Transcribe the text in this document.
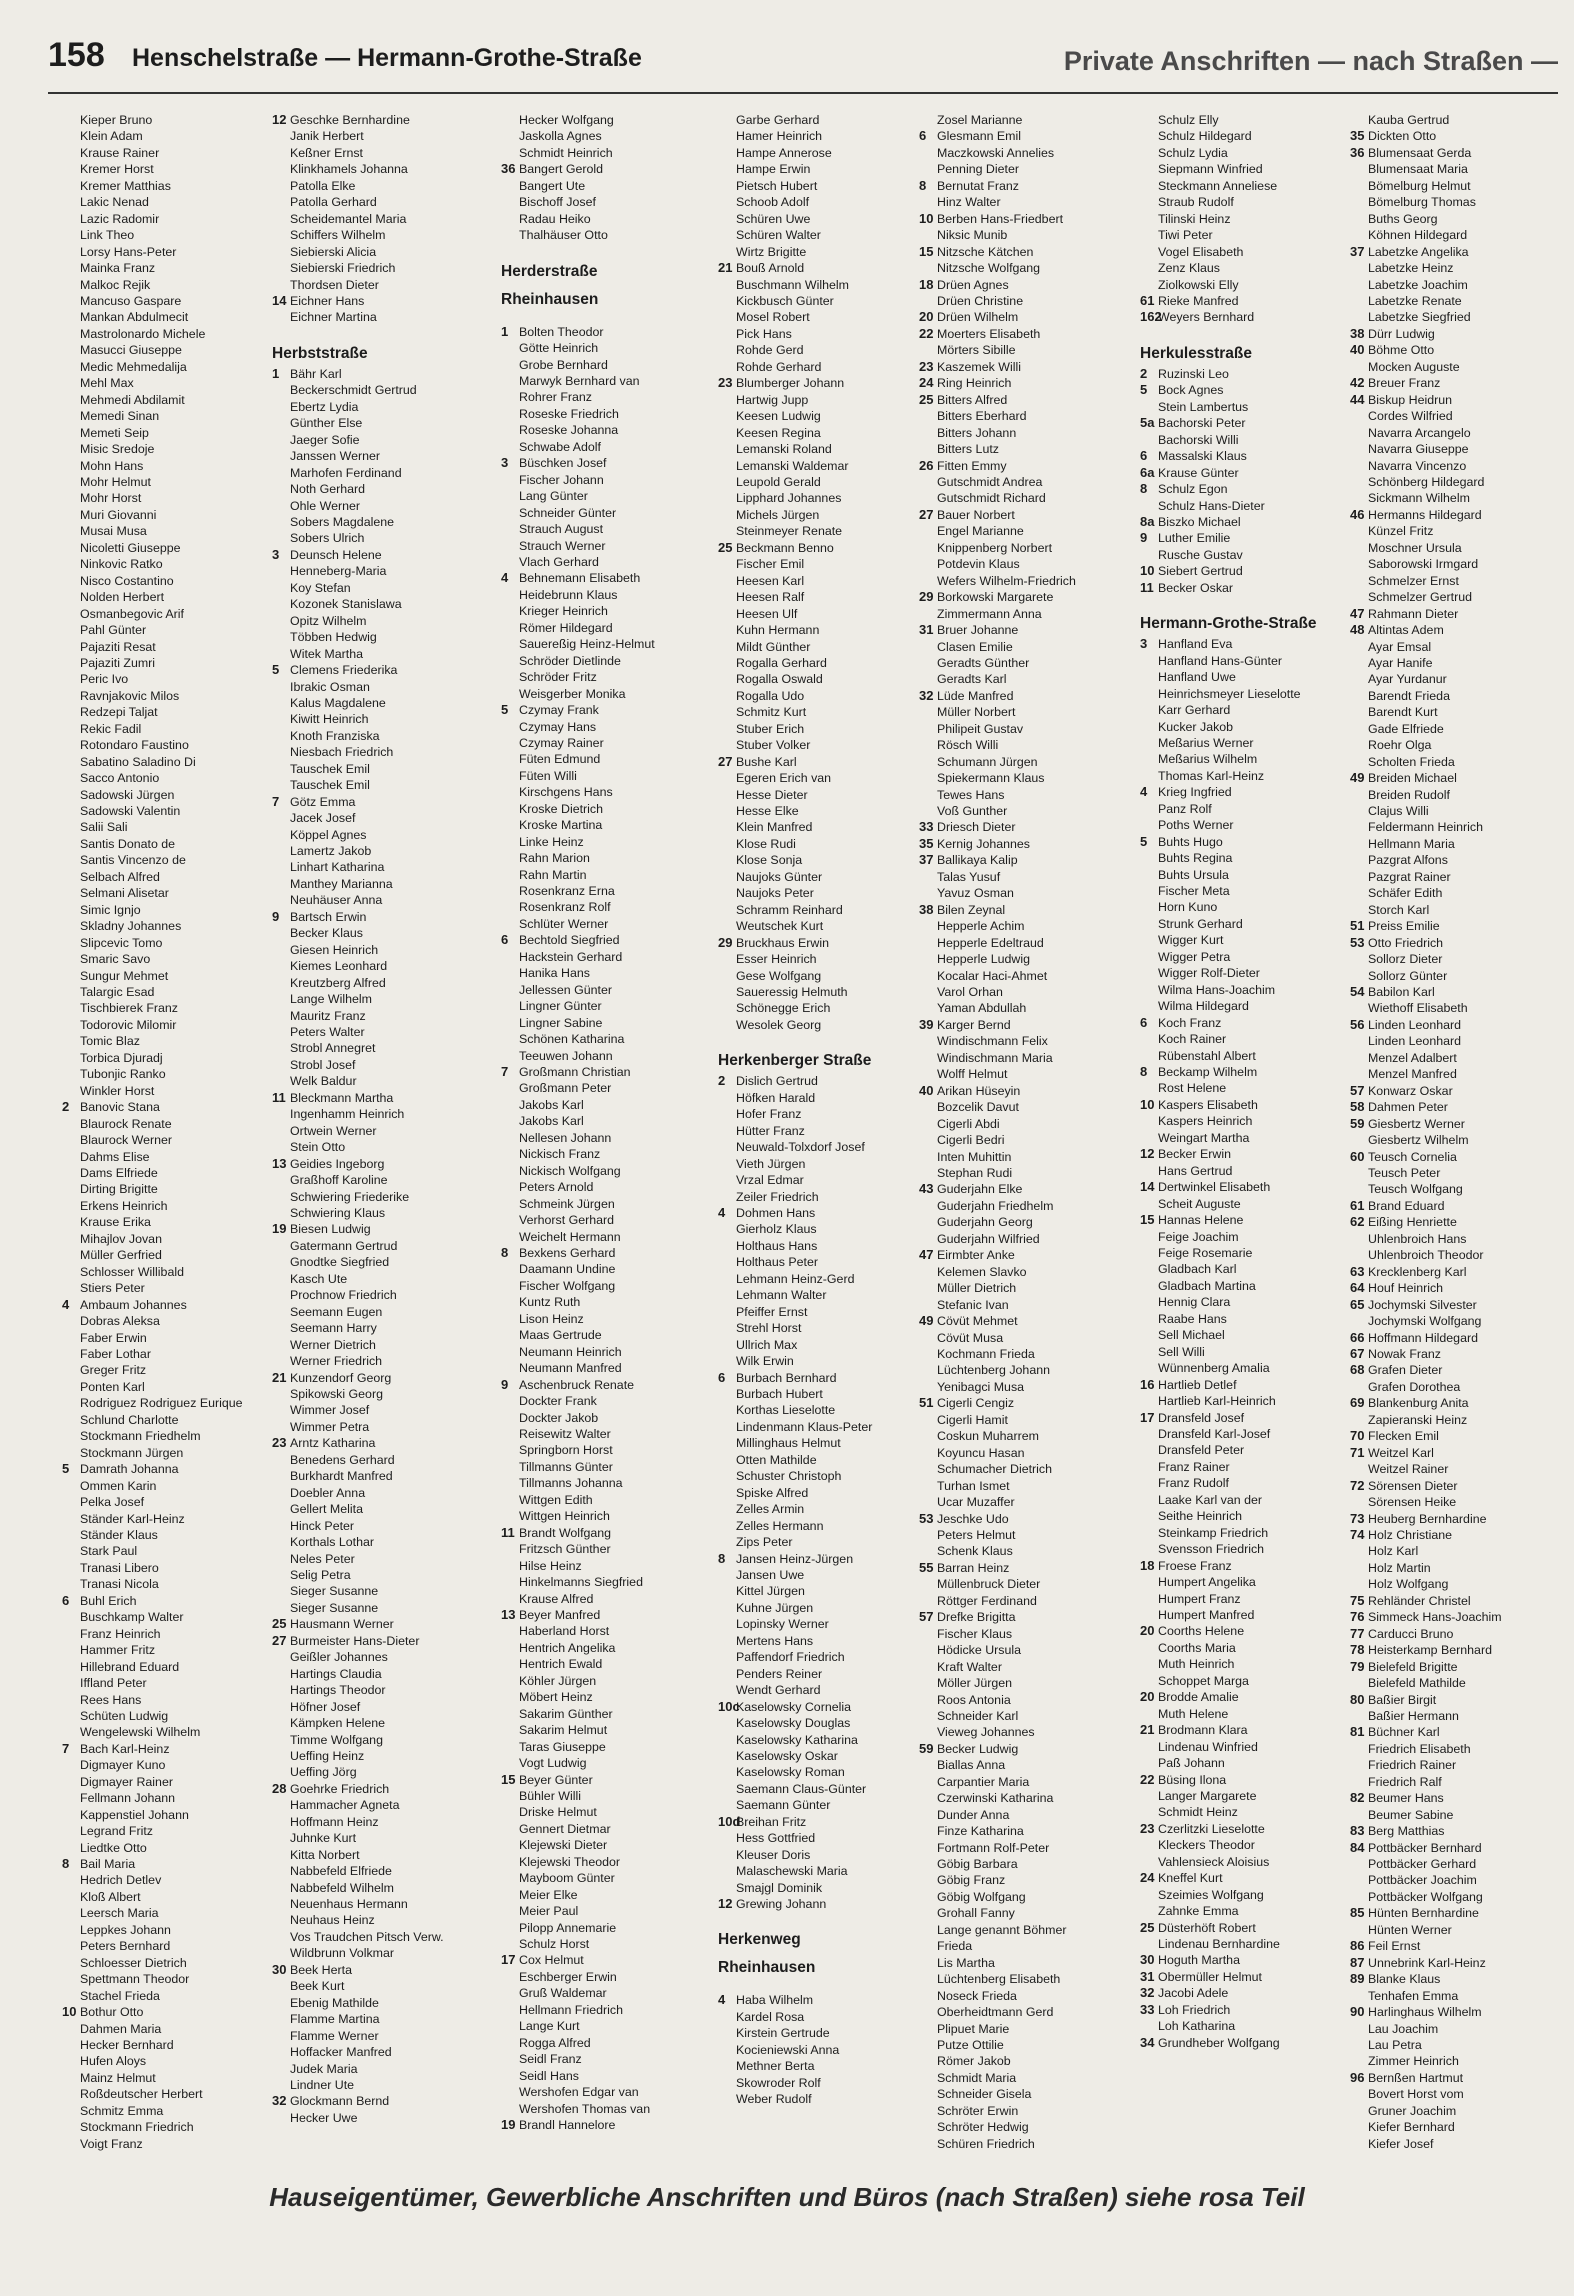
158 Henschelstraße — Hermann-Grothe-Straße	Private Anschriften — nach Straßen —
Kieper Bruno
Klein Adam
Krause Rainer
Kremer Horst
Kremer Matthias
Lakic Nenad
Lazic Radomir
Link Theo
Lorsy Hans-Peter
Mainka Franz
Malkoc Rejik
Mancuso Gaspare
Mankan Abdulmecit
Mastrolonardo Michele
Masucci Giuseppe
Medic Mehmedalija
Mehl Max
Mehmedi Abdilamit
Memedi Sinan
Memeti Seip
Misic Sredoje
Mohn Hans
Mohr Helmut
Mohr Horst
Muri Giovanni
Musai Musa
Nicoletti Giuseppe
Ninkovic Ratko
Nisco Costantino
Nolden Herbert
Osmanbegovic Arif
Pahl Günter
Pajaziti Resat
Pajaziti Zumri
Peric Ivo
Ravnjakovic Milos
Redzepi Taljat
Rekic Fadil
Rotondaro Faustino
Sabatino Saladino Di
Sacco Antonio
Sadowski Jürgen
Sadowski Valentin
Salii Sali
Santis Donato de
Santis Vincenzo de
Selbach Alfred
Selmani Alisetar
Simic Ignjo
Skladny Johannes
Slipcevic Tomo
Smaric Savo
Sungur Mehmet
Talargic Esad
Tischbierek Franz
Todorovic Milomir
Tomic Blaz
Torbica Djuradj
Tubonjic Ranko
Winkler Horst
2 Banovic Stana
Blaurock Renate
Blaurock Werner
Dahms Elise
Dams Elfriede
Dirting Brigitte
Erkens Heinrich
Krause Erika
Mihajlov Jovan
Müller Gerfried
Schlosser Willibald
Stiers Peter
4 Ambaum Johannes
Dobras Aleksa
Faber Erwin
Faber Lothar
Greger Fritz
Ponten Karl
Rodriguez Rodriguez Eurique
Schlund Charlotte
Stockmann Friedhelm
Stockmann Jürgen
5 Damrath Johanna
Ommen Karin
Pelka Josef
Ständer Karl-Heinz
Ständer Klaus
Stark Paul
Tranasi Libero
Tranasi Nicola
6 Buhl Erich
Buschkamp Walter
Franz Heinrich
Hammer Fritz
Hillebrand Eduard
Iffland Peter
Rees Hans
Schüten Ludwig
Wengelewski Wilhelm
7 Bach Karl-Heinz
Digmayer Kuno
Digmayer Rainer
Fellmann Johann
Kappenstiel Johann
Legrand Fritz
Liedtke Otto
8 Bail Maria
Hedrich Detlev
Kloß Albert
Leersch Maria
Leppkes Johann
Peters Bernhard
Schloesser Dietrich
Spettmann Theodor
Stachel Frieda
10 Bothur Otto
Dahmen Maria
Hecker Bernhard
Hufen Aloys
Mainz Helmut
Roßdeutscher Herbert
Schmitz Emma
Stockmann Friedrich
Voigt Franz
12 Geschke Bernhardine
Janik Herbert
Keßner Ernst
Klinkhamels Johanna
Patolla Elke
Patolla Gerhard
Scheidemantel Maria
Schiffers Wilhelm
Siebierski Alicia
Siebierski Friedrich
Thordsen Dieter
14 Eichner Hans
Eichner Martina
Herbststraße
1 Bähr Karl
Beckerschmidt Gertrud
Ebertz Lydia
Günther Else
Jaeger Sofie
Janssen Werner
Marhofen Ferdinand
Noth Gerhard
Ohle Werner
Sobers Magdalene
Sobers Ulrich
3 Deunsch Helene
Henneberg-Maria
Koy Stefan
Kozonek Stanislawa
Opitz Wilhelm
Többen Hedwig
Witek Martha
5 Clemens Friederika
Ibrakic Osman
Kalus Magdalene
Kiwitt Heinrich
Knoth Franziska
Niesbach Friedrich
Tauschek Emil
Tauschek Emil
7 Götz Emma
Jacek Josef
Köppel Agnes
Lamertz Jakob
Linhart Katharina
Manthey Marianna
Neuhäuser Anna
9 Bartsch Erwin
Becker Klaus
Giesen Heinrich
Kiemes Leonhard
Kreutzberg Alfred
Lange Wilhelm
Mauritz Franz
Peters Walter
Strobl Annegret
Strobl Josef
Welk Baldur
11 Bleckmann Martha
Ingenhamm Heinrich
Ortwein Werner
Stein Otto
13 Geidies Ingeborg
Graßhoff Karoline
Schwiering Friederike
Schwiering Klaus
19 Biesen Ludwig
Gatermann Gertrud
Gnodtke Siegfried
Kasch Ute
Prochnow Friedrich
Seemann Eugen
Seemann Harry
Werner Dietrich
Werner Friedrich
21 Kunzendorf Georg
Spikowski Georg
Wimmer Josef
Wimmer Petra
23 Arntz Katharina
Benedens Gerhard
Burkhardt Manfred
Doebler Anna
Gellert Melita
Hinck Peter
Korthals Lothar
Neles Peter
Selig Petra
Sieger Susanne
Sieger Susanne
25 Hausmann Werner
27 Burmeister Hans-Dieter
Geißler Johannes
Hartings Claudia
Hartings Theodor
Höfner Josef
Kämpken Helene
Timme Wolfgang
Ueffing Heinz
Ueffing Jörg
28 Goehrke Friedrich
Hammacher Agneta
Hoffmann Heinz
Juhnke Kurt
Kitta Norbert
Nabbefeld Elfriede
Nabbefeld Wilhelm
Neuenhaus Hermann
Neuhaus Heinz
Vos Traudchen Pitsch Verw.
Wildbrunn Volkmar
30 Beek Herta
Beek Kurt
Ebenig Mathilde
Flamme Martina
Flamme Werner
Hoffacker Manfred
Judek Maria
Lindner Ute
32 Glockmann Bernd
Hecker Uwe
Hecker Wolfgang
Jaskolla Agnes
Schmidt Heinrich
36 Bangert Gerold
Bangert Ute
Bischoff Josef
Radau Heiko
Thalhäuser Otto
Herderstraße
Rheinhausen
1 Bolten Theodor
Götte Heinrich
Grobe Bernhard
Marwyk Bernhard van
Rohrer Franz
Roseske Friedrich
Roseske Johanna
Schwabe Adolf
3 Büschken Josef
Fischer Johann
Lang Günter
Schneider Günter
Strauch August
Strauch Werner
Vlach Gerhard
4 Behnemann Elisabeth
Heidebrunn Klaus
Krieger Heinrich
Römer Hildegard
Sauereßig Heinz-Helmut
Schröder Dietlinde
Schröder Fritz
Weisgerber Monika
5 Czymay Frank
Czymay Hans
Czymay Rainer
Füten Edmund
Füten Willi
Kirschgens Hans
Kroske Dietrich
Kroske Martina
Linke Heinz
Rahn Marion
Rahn Martin
Rosenkranz Erna
Rosenkranz Rolf
Schlüter Werner
6 Bechtold Siegfried
Hackstein Gerhard
Hanika Hans
Jellessen Günter
Lingner Günter
Lingner Sabine
Schönen Katharina
Teeuwen Johann
7 Großmann Christian
Großmann Peter
Jakobs Karl
Jakobs Karl
Nellesen Johann
Nickisch Franz
Nickisch Wolfgang
Peters Arnold
Schmeink Jürgen
Verhorst Gerhard
Weichelt Hermann
8 Bexkens Gerhard
Daamann Undine
Fischer Wolfgang
Kuntz Ruth
Lison Heinz
Maas Gertrude
Neumann Heinrich
Neumann Manfred
9 Aschenbruck Renate
Dockter Frank
Dockter Jakob
Reisewitz Walter
Springborn Horst
Tillmanns Günter
Tillmanns Johanna
Wittgen Edith
Wittgen Heinrich
11 Brandt Wolfgang
Fritzsch Günther
Hilse Heinz
Hinkelmanns Siegfried
Krause Alfred
13 Beyer Manfred
Haberland Horst
Hentrich Angelika
Hentrich Ewald
Köhler Jürgen
Möbert Heinz
Sakarim Günther
Sakarim Helmut
Taras Giuseppe
Vogt Ludwig
15 Beyer Günter
Bühler Willi
Driske Helmut
Gennert Dietmar
Klejewski Dieter
Klejewski Theodor
Mayboom Günter
Meier Elke
Meier Paul
Pilopp Annemarie
Schulz Horst
17 Cox Helmut
Eschberger Erwin
Gruß Waldemar
Hellmann Friedrich
Lange Kurt
Rogga Alfred
Seidl Franz
Seidl Hans
Wershofen Edgar van
Wershofen Thomas van
19 Brandl Hannelore
Garbe Gerhard
Hamer Heinrich
Hampe Annerose
Hampe Erwin
Pietsch Hubert
Schoob Adolf
Schüren Uwe
Schüren Walter
Wirtz Brigitte
21 Bouß Arnold
Buschmann Wilhelm
Kickbusch Günter
Mosel Robert
Pick Hans
Rohde Gerd
Rohde Gerhard
23 Blumberger Johann
Hartwig Jupp
Keesen Ludwig
Keesen Regina
Lemanski Roland
Lemanski Waldemar
Leupold Gerald
Lipphard Johannes
Michels Jürgen
Steinmeyer Renate
25 Beckmann Benno
Fischer Emil
Heesen Karl
Heesen Ralf
Heesen Ulf
Kuhn Hermann
Mildt Günther
Rogalla Gerhard
Rogalla Oswald
Rogalla Udo
Schmitz Kurt
Stuber Erich
Stuber Volker
27 Bushe Karl
Egeren Erich van
Hesse Dieter
Hesse Elke
Klein Manfred
Klose Rudi
Klose Sonja
Naujoks Günter
Naujoks Peter
Schramm Reinhard
Weutschek Kurt
29 Bruckhaus Erwin
Esser Heinrich
Gese Wolfgang
Saueressig Helmuth
Schönegge Erich
Wesolek Georg
Herkenberger Straße
2 Dislich Gertrud
Höfken Harald
Hofer Franz
Hütter Franz
Neuwald-Tolxdorf Josef
Vieth Jürgen
Vrzal Edmar
Zeiler Friedrich
4 Dohmen Hans
Gierholz Klaus
Holthaus Hans
Holthaus Peter
Lehmann Heinz-Gerd
Lehmann Walter
Pfeiffer Ernst
Strehl Horst
Ullrich Max
Wilk Erwin
6 Burbach Bernhard
Burbach Hubert
Korthas Lieselotte
Lindenmann Klaus-Peter
Millinghaus Helmut
Otten Mathilde
Schuster Christoph
Spiske Alfred
Zelles Armin
Zelles Hermann
Zips Peter
8 Jansen Heinz-Jürgen
Jansen Uwe
Kittel Jürgen
Kuhne Jürgen
Lopinsky Werner
Mertens Hans
Paffendorf Friedrich
Penders Reiner
Wendt Gerhard
10c
Kaselowsky Cornelia
Kaselowsky Douglas
Kaselowsky Katharina
Kaselowsky Oskar
Kaselowsky Roman
Saemann Claus-Günter
Saemann Günter
10d
Breihan Fritz
Hess Gottfried
Kleuser Doris
Malaschewski Maria
Smajgl Dominik
12 Grewing Johann
Herkenweg
Rheinhausen
4 Haba Wilhelm
Kardel Rosa
Kirstein Gertrude
Kocieniewski Anna
Methner Berta
Skowroder Rolf
Weber Rudolf
Zosel Marianne
6 Glesmann Emil
Maczkowski Annelies
Penning Dieter
8 Bernutat Franz
Hinz Walter
10 Berben Hans-Friedbert
Niksic Munib
15 Nitzsche Kätchen
Nitzsche Wolfgang
18 Drüen Agnes
Drüen Christine
20 Drüen Wilhelm
22 Moerters Elisabeth
Mörters Sibille
23 Kaszemek Willi
24 Ring Heinrich
25 Bitters Alfred
Bitters Eberhard
Bitters Johann
Bitters Lutz
26 Fitten Emmy
Gutschmidt Andrea
Gutschmidt Richard
27 Bauer Norbert
Engel Marianne
Knippenberg Norbert
Potdevin Klaus
Wefers Wilhelm-Friedrich
29 Borkowski Margarete
Zimmermann Anna
31 Bruer Johanne
Clasen Emilie
Geradts Günther
Geradts Karl
32 Lüde Manfred
Müller Norbert
Philipeit Gustav
Rösch Willi
Schumann Jürgen
Spiekermann Klaus
Tewes Hans
Voß Gunther
33 Driesch Dieter
35 Kernig Johannes
37 Ballikaya Kalip
Talas Yusuf
Yavuz Osman
38 Bilen Zeynal
Hepperle Achim
Hepperle Edeltraud
Hepperle Ludwig
Kocalar Haci-Ahmet
Varol Orhan
Yaman Abdullah
39 Karger Bernd
Windischmann Felix
Windischmann Maria
Wolff Helmut
40 Arikan Hüseyin
Bozcelik Davut
Cigerli Abdi
Cigerli Bedri
Inten Muhittin
Stephan Rudi
43 Guderjahn Elke
Guderjahn Friedhelm
Guderjahn Georg
Guderjahn Wilfried
47 Eirmbter Anke
Kelemen Slavko
Müller Dietrich
Stefanic Ivan
49 Cövüt Mehmet
Cövüt Musa
Kochmann Frieda
Lüchtenberg Johann
Yenibagci Musa
51 Cigerli Cengiz
Cigerli Hamit
Coskun Muharrem
Koyuncu Hasan
Schumacher Dietrich
Turhan Ismet
Ucar Muzaffer
53 Jeschke Udo
Peters Helmut
Schenk Klaus
55 Barran Heinz
Müllenbruck Dieter
Röttger Ferdinand
57 Drefke Brigitta
Fischer Klaus
Hödicke Ursula
Kraft Walter
Möller Jürgen
Roos Antonia
Schneider Karl
Vieweg Johannes
59 Becker Ludwig
Biallas Anna
Carpantier Maria
Czerwinski Katharina
Dunder Anna
Finze Katharina
Fortmann Rolf-Peter
Göbig Barbara
Göbig Franz
Göbig Wolfgang
Grohall Fanny
Lange genannt Böhmer
Frieda
Lis Martha
Lüchtenberg Elisabeth
Noseck Frieda
Oberheidtmann Gerd
Plipuet Marie
Putze Ottilie
Römer Jakob
Schmidt Maria
Schneider Gisela
Schröter Erwin
Schröter Hedwig
Schüren Friedrich
Schulz Elly
Schulz Hildegard
Schulz Lydia
Siepmann Winfried
Steckmann Anneliese
Straub Rudolf
Tilinski Heinz
Tiwi Peter
Vogel Elisabeth
Zenz Klaus
Ziolkowski Elly
61 Rieke Manfred
162
Weyers Bernhard
Herkulesstraße
2 Ruzinski Leo
5 Bock Agnes
Stein Lambertus
5a Bachorski Peter
Bachorski Willi
6 Massalski Klaus
6a Krause Günter
8 Schulz Egon
Schulz Hans-Dieter
8a Biszko Michael
9 Luther Emilie
Rusche Gustav
10 Siebert Gertrud
11 Becker Oskar
Hermann-Grothe-Straße
3 Hanfland Eva
Hanfland Hans-Günter
Hanfland Uwe
Heinrichsmeyer Lieselotte
Karr Gerhard
Kucker Jakob
Meßarius Werner
Meßarius Wilhelm
Thomas Karl-Heinz
4 Krieg Ingfried
Panz Rolf
Poths Werner
5 Buhts Hugo
Buhts Regina
Buhts Ursula
Fischer Meta
Horn Kuno
Strunk Gerhard
Wigger Kurt
Wigger Petra
Wigger Rolf-Dieter
Wilma Hans-Joachim
Wilma Hildegard
6 Koch Franz
Koch Rainer
Rübenstahl Albert
8 Beckamp Wilhelm
Rost Helene
10 Kaspers Elisabeth
Kaspers Heinrich
Weingart Martha
12 Becker Erwin
Hans Gertrud
14 Dertwinkel Elisabeth
Scheit Auguste
15 Hannas Helene
Feige Joachim
Feige Rosemarie
Gladbach Karl
Gladbach Martina
Hennig Clara
Raabe Hans
Sell Michael
Sell Willi
Wünnenberg Amalia
16 Hartlieb Detlef
Hartlieb Karl-Heinrich
17 Dransfeld Josef
Dransfeld Karl-Josef
Dransfeld Peter
Franz Rainer
Franz Rudolf
Laake Karl van der
Seithe Heinrich
Steinkamp Friedrich
Svensson Friedrich
18 Froese Franz
Humpert Angelika
Humpert Franz
Humpert Manfred
20 Coorths Helene
Coorths Maria
Muth Heinrich
Schoppet Marga
20 Brodde Amalie
Muth Helene
21 Brodmann Klara
Lindenau Winfried
Paß Johann
22 Büsing Ilona
Langer Margarete
Schmidt Heinz
23 Czerlitzki Lieselotte
Kleckers Theodor
Vahlensieck Aloisius
24 Kneffel Kurt
Szeimies Wolfgang
Zahnke Emma
25 Düsterhöft Robert
Lindenau Bernhardine
30 Hoguth Martha
31 Obermüller Helmut
32 Jacobi Adele
33 Loh Friedrich
Loh Katharina
34 Grundheber Wolfgang
Kauba Gertrud
35 Dickten Otto
36 Blumensaat Gerda
Blumensaat Maria
Bömelburg Helmut
Bömelburg Thomas
Buths Georg
Köhnen Hildegard
37 Labetzke Angelika
Labetzke Heinz
Labetzke Joachim
Labetzke Renate
Labetzke Siegfried
38 Dürr Ludwig
40 Böhme Otto
Mocken Auguste
42 Breuer Franz
44 Biskup Heidrun
Cordes Wilfried
Navarra Arcangelo
Navarra Giuseppe
Navarra Vincenzo
Schönberg Hildegard
Sickmann Wilhelm
46 Hermanns Hildegard
Künzel Fritz
Moschner Ursula
Saborowski Irmgard
Schmelzer Ernst
Schmelzer Gertrud
47 Rahmann Dieter
48 Altintas Adem
Ayar Emsal
Ayar Hanife
Ayar Yurdanur
Barendt Frieda
Barendt Kurt
Gade Elfriede
Roehr Olga
Scholten Frieda
49 Breiden Michael
Breiden Rudolf
Clajus Willi
Feldermann Heinrich
Hellmann Maria
Pazgrat Alfons
Pazgrat Rainer
Schäfer Edith
Storch Karl
51 Preiss Emilie
53 Otto Friedrich
Sollorz Dieter
Sollorz Günter
54 Babilon Karl
Wiethoff Elisabeth
56 Linden Leonhard
Linden Leonhard
Menzel Adalbert
Menzel Manfred
57 Konwarz Oskar
58 Dahmen Peter
59 Giesbertz Werner
Giesbertz Wilhelm
60 Teusch Cornelia
Teusch Peter
Teusch Wolfgang
61 Brand Eduard
62 Eißing Henriette
Uhlenbroich Hans
Uhlenbroich Theodor
63 Krecklenberg Karl
64 Houf Heinrich
65 Jochymski Silvester
Jochymski Wolfgang
66 Hoffmann Hildegard
67 Nowak Franz
68 Grafen Dieter
Grafen Dorothea
69 Blankenburg Anita
Zapieranski Heinz
70 Flecken Emil
71 Weitzel Karl
Weitzel Rainer
72 Sörensen Dieter
Sörensen Heike
73 Heuberg Bernhardine
74 Holz Christiane
Holz Karl
Holz Martin
Holz Wolfgang
75 Rehländer Christel
76 Simmeck Hans-Joachim
77 Carducci Bruno
78 Heisterkamp Bernhard
79 Bielefeld Brigitte
Bielefeld Mathilde
80 Baßier Birgit
Baßier Hermann
81 Büchner Karl
Friedrich Elisabeth
Friedrich Rainer
Friedrich Ralf
82 Beumer Hans
Beumer Sabine
83 Berg Matthias
84 Pottbäcker Bernhard
Pottbäcker Gerhard
Pottbäcker Joachim
Pottbäcker Wolfgang
85 Hünten Bernhardine
Hünten Werner
86 Feil Ernst
87 Unnebrink Karl-Heinz
89 Blanke Klaus
Tenhafen Emma
90 Harlinghaus Wilhelm
Lau Joachim
Lau Petra
Zimmer Heinrich
96 Bernßen Hartmut
Bovert Horst vom
Gruner Joachim
Kiefer Bernhard
Kiefer Josef
Hauseigentümer, Gewerbliche Anschriften und Büros (nach Straßen) siehe rosa Teil
